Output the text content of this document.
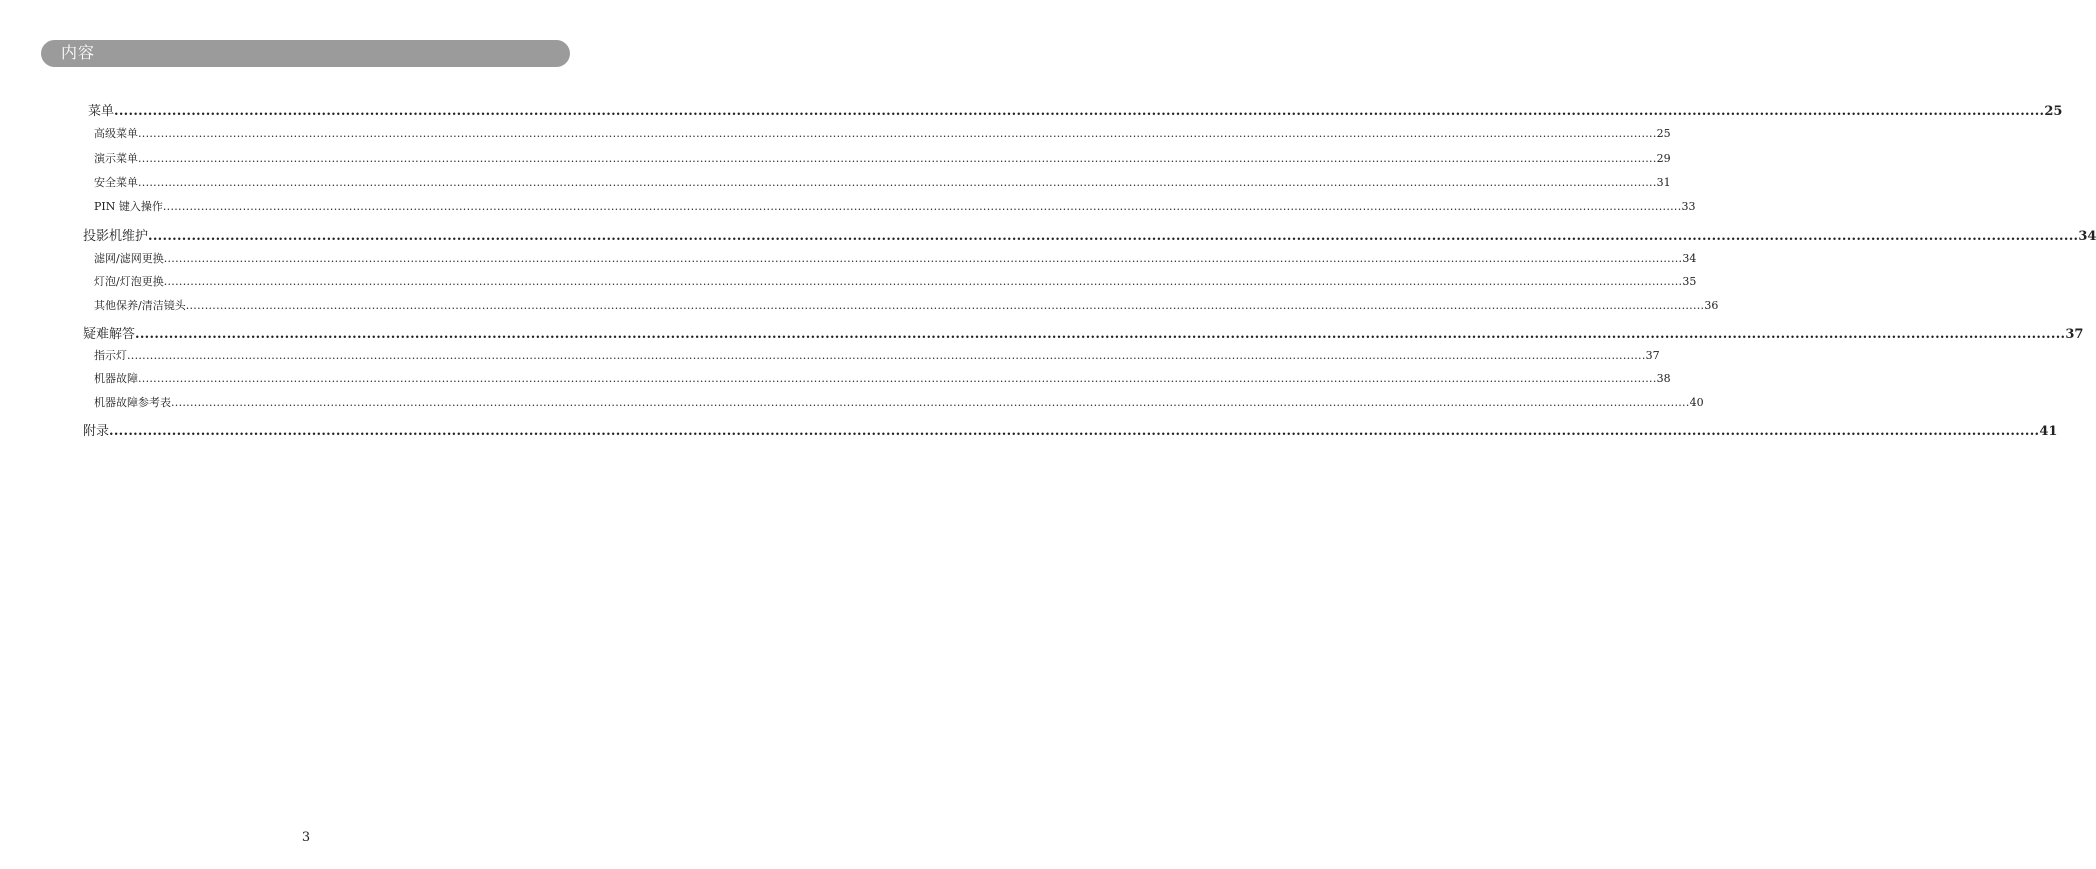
内容
菜单 ................................................................................................................................................................................................................................................................................................................................................................................................................ 25
高级菜单 ................................................................................................................................................................................................................................................................................................................................................................................................................ 25
演示菜单 ................................................................................................................................................................................................................................................................................................................................................................................................................ 29
安全菜单 ................................................................................................................................................................................................................................................................................................................................................................................................................ 31
PIN 键入操作 ................................................................................................................................................................................................................................................................................................................................................................................................................ 33
投影机维护 ................................................................................................................................................................................................................................................................................................................................................................................................................ 34
滤网/滤网更换 ................................................................................................................................................................................................................................................................................................................................................................................................................ 34
灯泡/灯泡更换 ................................................................................................................................................................................................................................................................................................................................................................................................................ 35
其他保养/清洁镜头 ................................................................................................................................................................................................................................................................................................................................................................................................................ 36
疑难解答 ................................................................................................................................................................................................................................................................................................................................................................................................................ 37
指示灯 ................................................................................................................................................................................................................................................................................................................................................................................................................ 37
机器故障 ................................................................................................................................................................................................................................................................................................................................................................................................................ 38
机器故障参考表 ................................................................................................................................................................................................................................................................................................................................................................................................................ 40
附录 ................................................................................................................................................................................................................................................................................................................................................................................................................ 41
3
